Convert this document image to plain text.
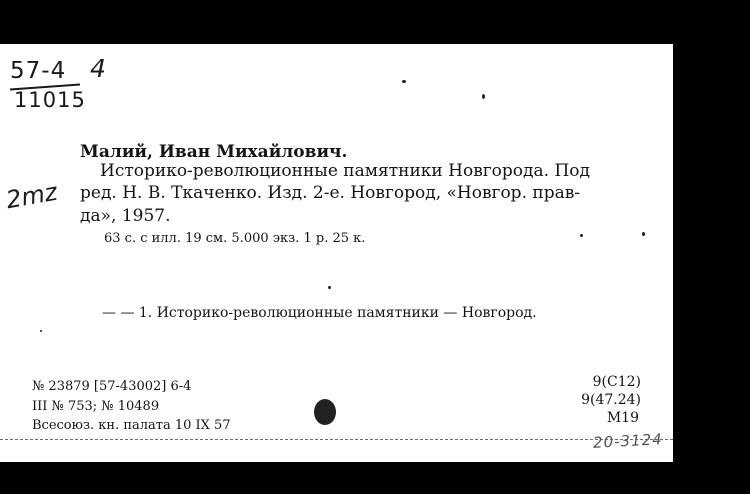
57-4 4
11015
2mz
Малий, Иван Михайлович.
Историко-революционные памятники Новгорода. Под
ред. Н. В. Ткаченко. Изд. 2-е. Новгород, «Новгор. прав-
да», 1957.
63 с. с илл. 19 см. 5.000 экз. 1 р. 25 к.
— — 1. Историко-революционные памятники — Новгород.
№ 23879 [57-43002] 6-4
III № 753; № 10489
Всесоюз. кн. палата 10 IX 57
9(С12)
9(47.24)
М19
20-3124
